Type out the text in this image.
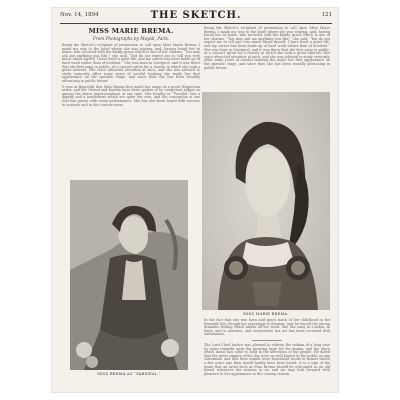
Nov. 14, 1894	THE SKETCH.	121
MISS MARIE BREMA.
From Photographs by Mayall, Paris.
Being the Sketch’s recipient of permission to call upon Miss Marie Brema, I made my way to the hotel where she was staying, and, having found her at home, was received with the kindly grace which is one of her charms. “You may ask me anything you like,” she said, “but do not expect me to tell you very much about myself. I have lived a quiet life, and my career has been made up of hard work rather than of incident.” She was born in Liverpool, and it was there that she first sang in public, at a concert given for a charity in which she took a great interest. Her voice attracted attention at once, and she was advised to study seriously. After some years of careful training she made her first appearance on the operatic stage, and since then she has been steadily advancing in public favour.
It was at Bayreuth that Miss Brema first made her name as a great Wagnerian artist, and her Ortrud and Kundry have been spoken of by competent judges as among the finest impersonations of our time. Her Kundry in “Parsifal” has a dignity and a tenderness which are quite her own, and the conception is one that has grown with every performance. She has also been heard with success in oratorio and in the concert-room.
Being the Sketch’s recipient of permission to call upon Miss Marie Brema, I made my way to the hotel where she was staying, and, having found her at home, was received with the kindly grace which is one of her charms. “You may ask me anything you like,” she said, “but do not expect me to tell you very much about myself. I have lived a quiet life, and my career has been made up of hard work rather than of incident.” She was born in Liverpool, and it was there that she first sang in public, at a concert given for a charity in which she took a great interest. Her voice attracted attention at once, and she was advised to study seriously. After some years of careful training she made her first appearance on the operatic stage, and since then she has been steadily advancing in public favour.
MISS MARIE BREMA.
In the fact that she was born and spent much of her childhood in the Emerald Isle, though her parentage is German, may be traced the strong dramatic feeling which marks all her work. She has sung in London, in Paris, and in America, and everywhere her art has been received with enthusiasm.
The Lord Chief Justice was pleased to enliven the tedium of a long case by some remarks upon the growing taste for the drama, and the place which music has come to hold in the affections of the people. He noted that the great singers of the day were as well known to the public as any statesman, and that their names were household words in homes where a few years ago they would hardly have been heard. It is a sign of the times that an artist such as Miss Brema should be welcomed as an old friend whenever she returns to us, and we may look forward with pleasure to her appearance in the coming season.
MISS BREMA AS “PARSIFAL.”
